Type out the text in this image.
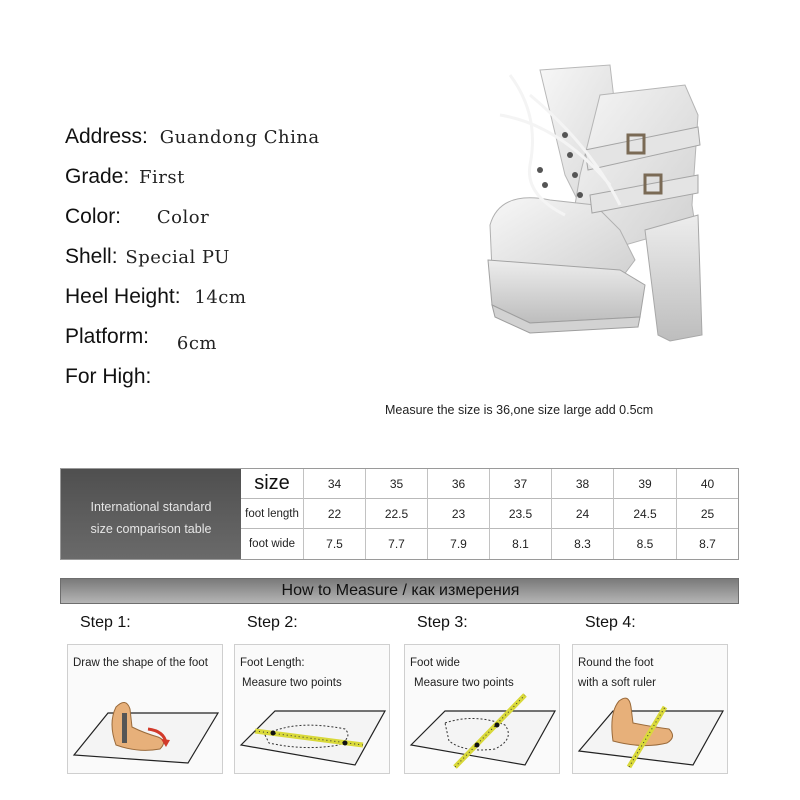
Address: Guandong China
Grade: First
Color: Color
Shell: Special PU
Heel Height: 14cm
Platform: 6cm
For High:
Measure the size is 36,one size large add 0.5cm
International standard
size comparison table
size	34	35	36	37	38	39	40
foot length	22	22.5	23	23.5	24	24.5	25
foot wide	7.5	7.7	7.9	8.1	8.3	8.5	8.7
How to Measure / как измерения
Step 1:
Draw the shape of the foot
Step 2:
Foot Length:
Measure two points
Step 3:
Foot wide
Measure two points
Step 4:
Round the foot
with a soft ruler
